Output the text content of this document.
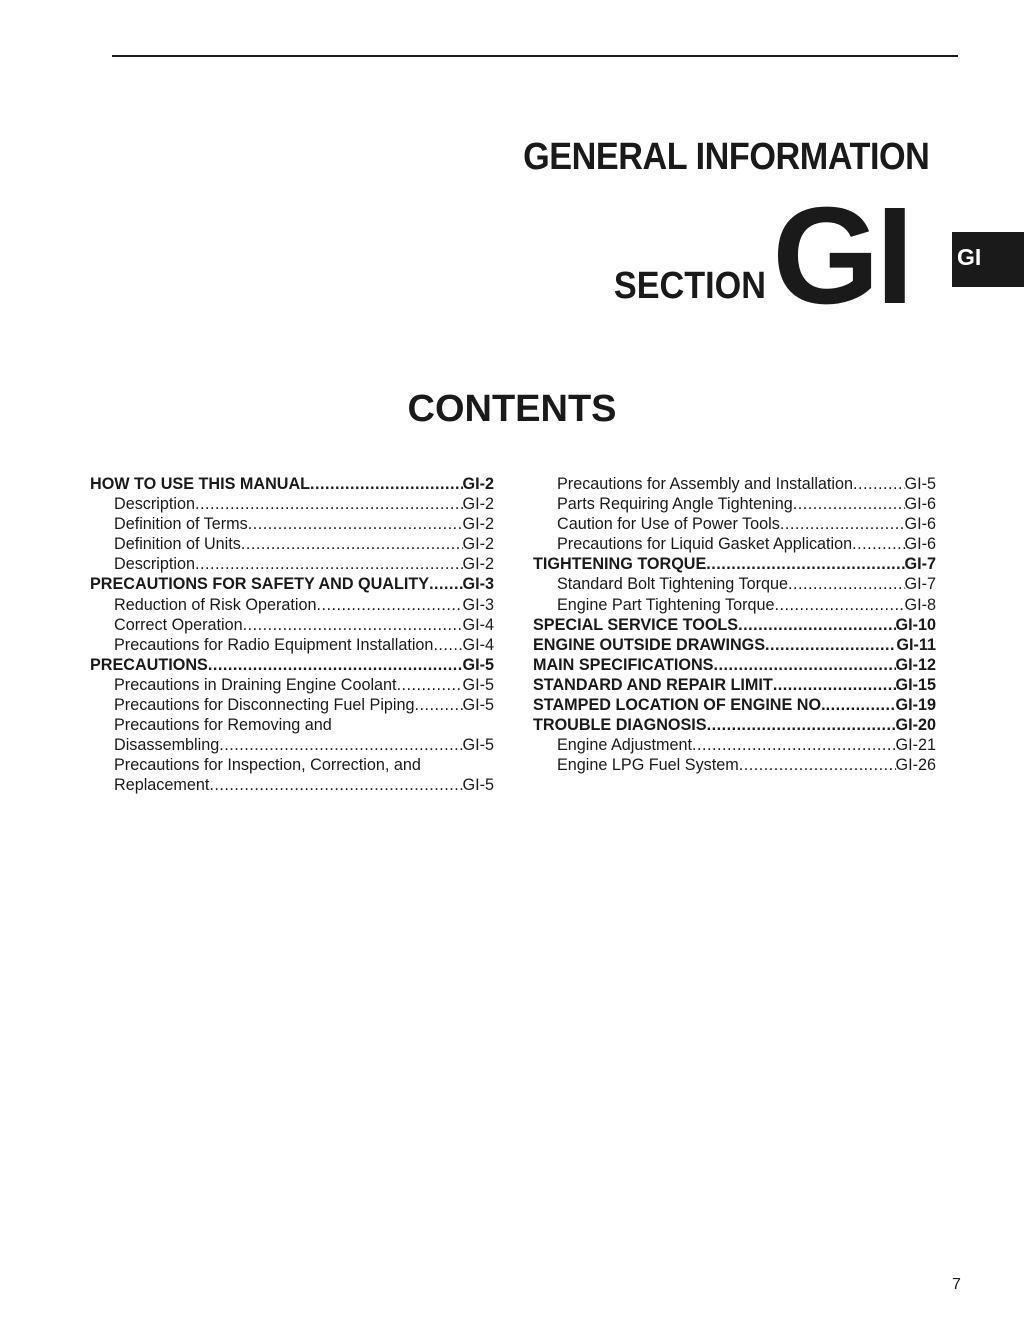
GENERAL INFORMATION
SECTIONGI GI
CONTENTS
HOW TO USE THIS MANUAL .....	GI-2
Description .....	GI-2
Definition of Terms .....	GI-2
Definition of Units .....	GI-2
Description .....	GI-2
PRECAUTIONS FOR SAFETY AND QUALITY ..... GI-3
Reduction of Risk Operation .....	GI-3
Correct Operation .....	GI-4
Precautions for Radio Equipment Installation ..... GI-4
PRECAUTIONS .....	GI-5
Precautions in Draining Engine Coolant .....	GI-5
Precautions for Disconnecting Fuel Piping .....	GI-5
Precautions for Removing and
Disassembling .....	GI-5
Precautions for Inspection, Correction, and
Replacement .....	GI-5
Precautions for Assembly and Installation .....	GI-5
Parts Requiring Angle Tightening .....	GI-6
Caution for Use of Power Tools .....	GI-6
Precautions for Liquid Gasket Application .....	GI-6
TIGHTENING TORQUE .....	GI-7
Standard Bolt Tightening Torque .....	GI-7
Engine Part Tightening Torque .....	GI-8
SPECIAL SERVICE TOOLS .....	GI-10
ENGINE OUTSIDE DRAWINGS .....	GI-11
MAIN SPECIFICATIONS .....	GI-12
STANDARD AND REPAIR LIMIT .....	GI-15
STAMPED LOCATION OF ENGINE NO. .....	GI-19
TROUBLE DIAGNOSIS .....	GI-20
Engine Adjustment .....	GI-21
Engine LPG Fuel System .....	GI-26
7
